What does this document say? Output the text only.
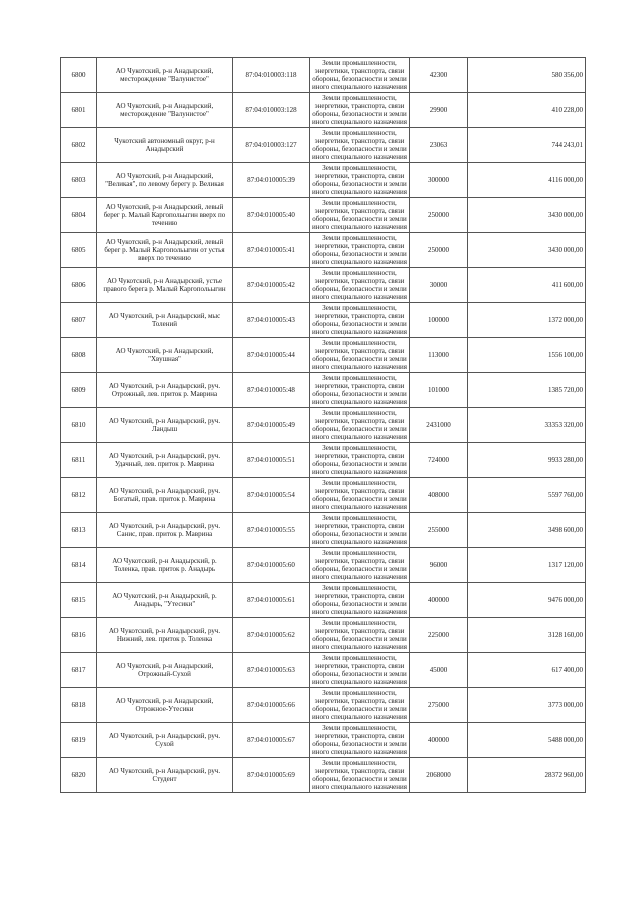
6800	АО Чукотский, р-н Анадырский, месторождение "Валунистое"	87:04:010003:118	Земли промышленности, энергетики, транспорта, связи обороны, безопасности и земли иного специального назначения	42300	580 356,00
6801	АО Чукотский, р-н Анадырский, месторождение "Валунистое"	87:04:010003:128	Земли промышленности, энергетики, транспорта, связи обороны, безопасности и земли иного специального назначения	29900	410 228,00
6802	Чукотский автономный округ, р-н Анадырский	87:04:010003:127	Земли промышленности, энергетики, транспорта, связи обороны, безопасности и земли иного специального назначения	23063	744 243,01
6803	АО Чукотский, р-н Анадырский, "Великая", по левому берегу р. Великая	87:04:010005:39	Земли промышленности, энергетики, транспорта, связи обороны, безопасности и земли иного специального назначения	300000	4116 000,00
6804	АО Чукотский, р-н Анадырский, левый берег р. Малый Каргопольыгин вверх по течению	87:04:010005:40	Земли промышленности, энергетики, транспорта, связи обороны, безопасности и земли иного специального назначения	250000	3430 000,00
6805	АО Чукотский, р-н Анадырский, левый берег р. Малый Каргопольыгин от устья вверх по течению	87:04:010005:41	Земли промышленности, энергетики, транспорта, связи обороны, безопасности и земли иного специального назначения	250000	3430 000,00
6806	АО Чукотский, р-н Анадырский, устье правого берега р. Малый Каргопольыгин	87:04:010005:42	Земли промышленности, энергетики, транспорта, связи обороны, безопасности и земли иного специального назначения	30000	411 600,00
6807	АО Чукотский, р-н Анадырский, мыс Толений	87:04:010005:43	Земли промышленности, энергетики, транспорта, связи обороны, безопасности и земли иного специального назначения	100000	1372 000,00
6808	АО Чукотский, р-н Анадырский, "Хвушная"	87:04:010005:44	Земли промышленности, энергетики, транспорта, связи обороны, безопасности и земли иного специального назначения	113000	1556 100,00
6809	АО Чукотский, р-н Анадырский, руч. Отрожный, лев. приток р. Маврина	87:04:010005:48	Земли промышленности, энергетики, транспорта, связи обороны, безопасности и земли иного специального назначения	101000	1385 720,00
6810	АО Чукотский, р-н Анадырский, руч. Ландыш	87:04:010005:49	Земли промышленности, энергетики, транспорта, связи обороны, безопасности и земли иного специального назначения	2431000	33353 320,00
6811	АО Чукотский, р-н Анадырский, руч. Удачный, лев. приток р. Маврина	87:04:010005:51	Земли промышленности, энергетики, транспорта, связи обороны, безопасности и земли иного специального назначения	724000	9933 280,00
6812	АО Чукотский, р-н Анадырский, руч. Богатый, прав. приток р. Маврина	87:04:010005:54	Земли промышленности, энергетики, транспорта, связи обороны, безопасности и земли иного специального назначения	408000	5597 760,00
6813	АО Чукотский, р-н Анадырский, руч. Санис, прав. приток р. Маврина	87:04:010005:55	Земли промышленности, энергетики, транспорта, связи обороны, безопасности и земли иного специального назначения	255000	3498 600,00
6814	АО Чукотский, р-н Анадырский, р. Толенка, прав. приток р. Анадырь	87:04:010005:60	Земли промышленности, энергетики, транспорта, связи обороны, безопасности и земли иного специального назначения	96000	1317 120,00
6815	АО Чукотский, р-н Анадырский, р. Анадырь, "Утесики"	87:04:010005:61	Земли промышленности, энергетики, транспорта, связи обороны, безопасности и земли иного специального назначения	400000	9476 000,00
6816	АО Чукотский, р-н Анадырский, руч. Нижний, лев. приток р. Толенка	87:04:010005:62	Земли промышленности, энергетики, транспорта, связи обороны, безопасности и земли иного специального назначения	225000	3128 160,00
6817	АО Чукотский, р-н Анадырский, Отрожный-Сухой	87:04:010005:63	Земли промышленности, энергетики, транспорта, связи обороны, безопасности и земли иного специального назначения	45000	617 400,00
6818	АО Чукотский, р-н Анадырский, Отрожное-Утесики	87:04:010005:66	Земли промышленности, энергетики, транспорта, связи обороны, безопасности и земли иного специального назначения	275000	3773 000,00
6819	АО Чукотский, р-н Анадырский, руч. Сухой	87:04:010005:67	Земли промышленности, энергетики, транспорта, связи обороны, безопасности и земли иного специального назначения	400000	5488 000,00
6820	АО Чукотский, р-н Анадырский, руч. Студент	87:04:010005:69	Земли промышленности, энергетики, транспорта, связи обороны, безопасности и земли иного специального назначения	2068000	28372 960,00
